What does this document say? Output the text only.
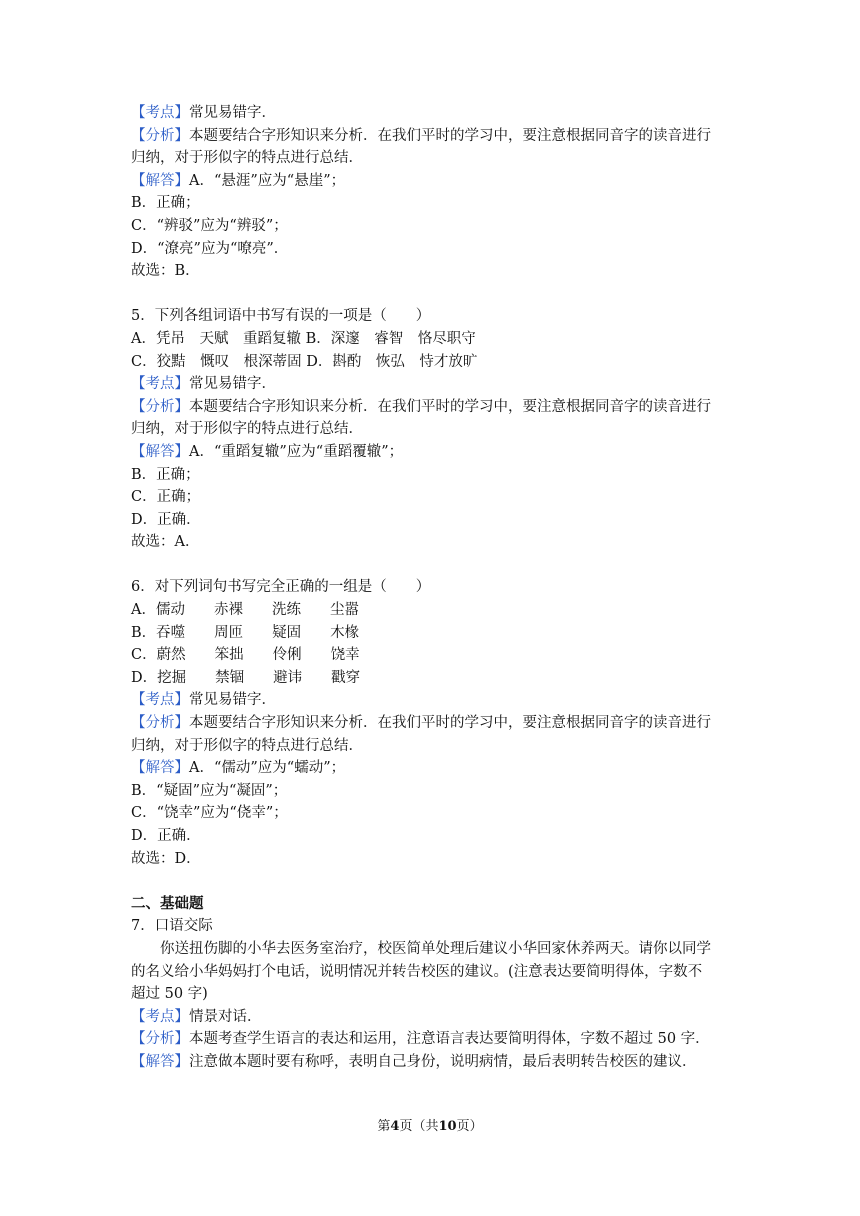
【考点】常见易错字．
【分析】本题要结合字形知识来分析．在我们平时的学习中，要注意根据同音字的读音进行
归纳，对于形似字的特点进行总结．
【解答】A．“悬涯”应为“悬崖”；
B．正确；
C．“辨驳”应为“辨驳”；
D．“潦亮”应为“嘹亮”．
故选：B．
5．下列各组词语中书写有误的一项是（　　）
A．凭吊　天赋　重蹈复辙 B．深邃　睿智　恪尽职守
C．狡黠　慨叹　根深蒂固 D．斟酌　恢弘　恃才放旷
【考点】常见易错字．
【分析】本题要结合字形知识来分析．在我们平时的学习中，要注意根据同音字的读音进行
归纳，对于形似字的特点进行总结．
【解答】A．“重蹈复辙”应为“重蹈覆辙”；
B．正确；
C．正确；
D．正确．
故选：A．
6．对下列词句书写完全正确的一组是（　　）
A．儒动　　赤裸　　洗练　　尘嚣
B．吞噬　　周匝　　疑固　　木椽
C．蔚然　　笨拙　　伶俐　　饶幸
D．挖掘　　禁锢　　避讳　　戳穿
【考点】常见易错字．
【分析】本题要结合字形知识来分析．在我们平时的学习中，要注意根据同音字的读音进行
归纳，对于形似字的特点进行总结．
【解答】A．“儒动”应为“蠕动”；
B．“疑固”应为“凝固”；
C．“饶幸”应为“侥幸”；
D．正确．
故选：D．
二、基础题
7．口语交际
你送扭伤脚的小华去医务室治疗，校医简单处理后建议小华回家休养两天。请你以同学
的名义给小华妈妈打个电话，说明情况并转告校医的建议。(注意表达要简明得体，字数不
超过 50 字)
【考点】情景对话．
【分析】本题考查学生语言的表达和运用，注意语言表达要简明得体，字数不超过 50 字．
【解答】注意做本题时要有称呼，表明自己身份，说明病情，最后表明转告校医的建议．
第4页（共10页）
